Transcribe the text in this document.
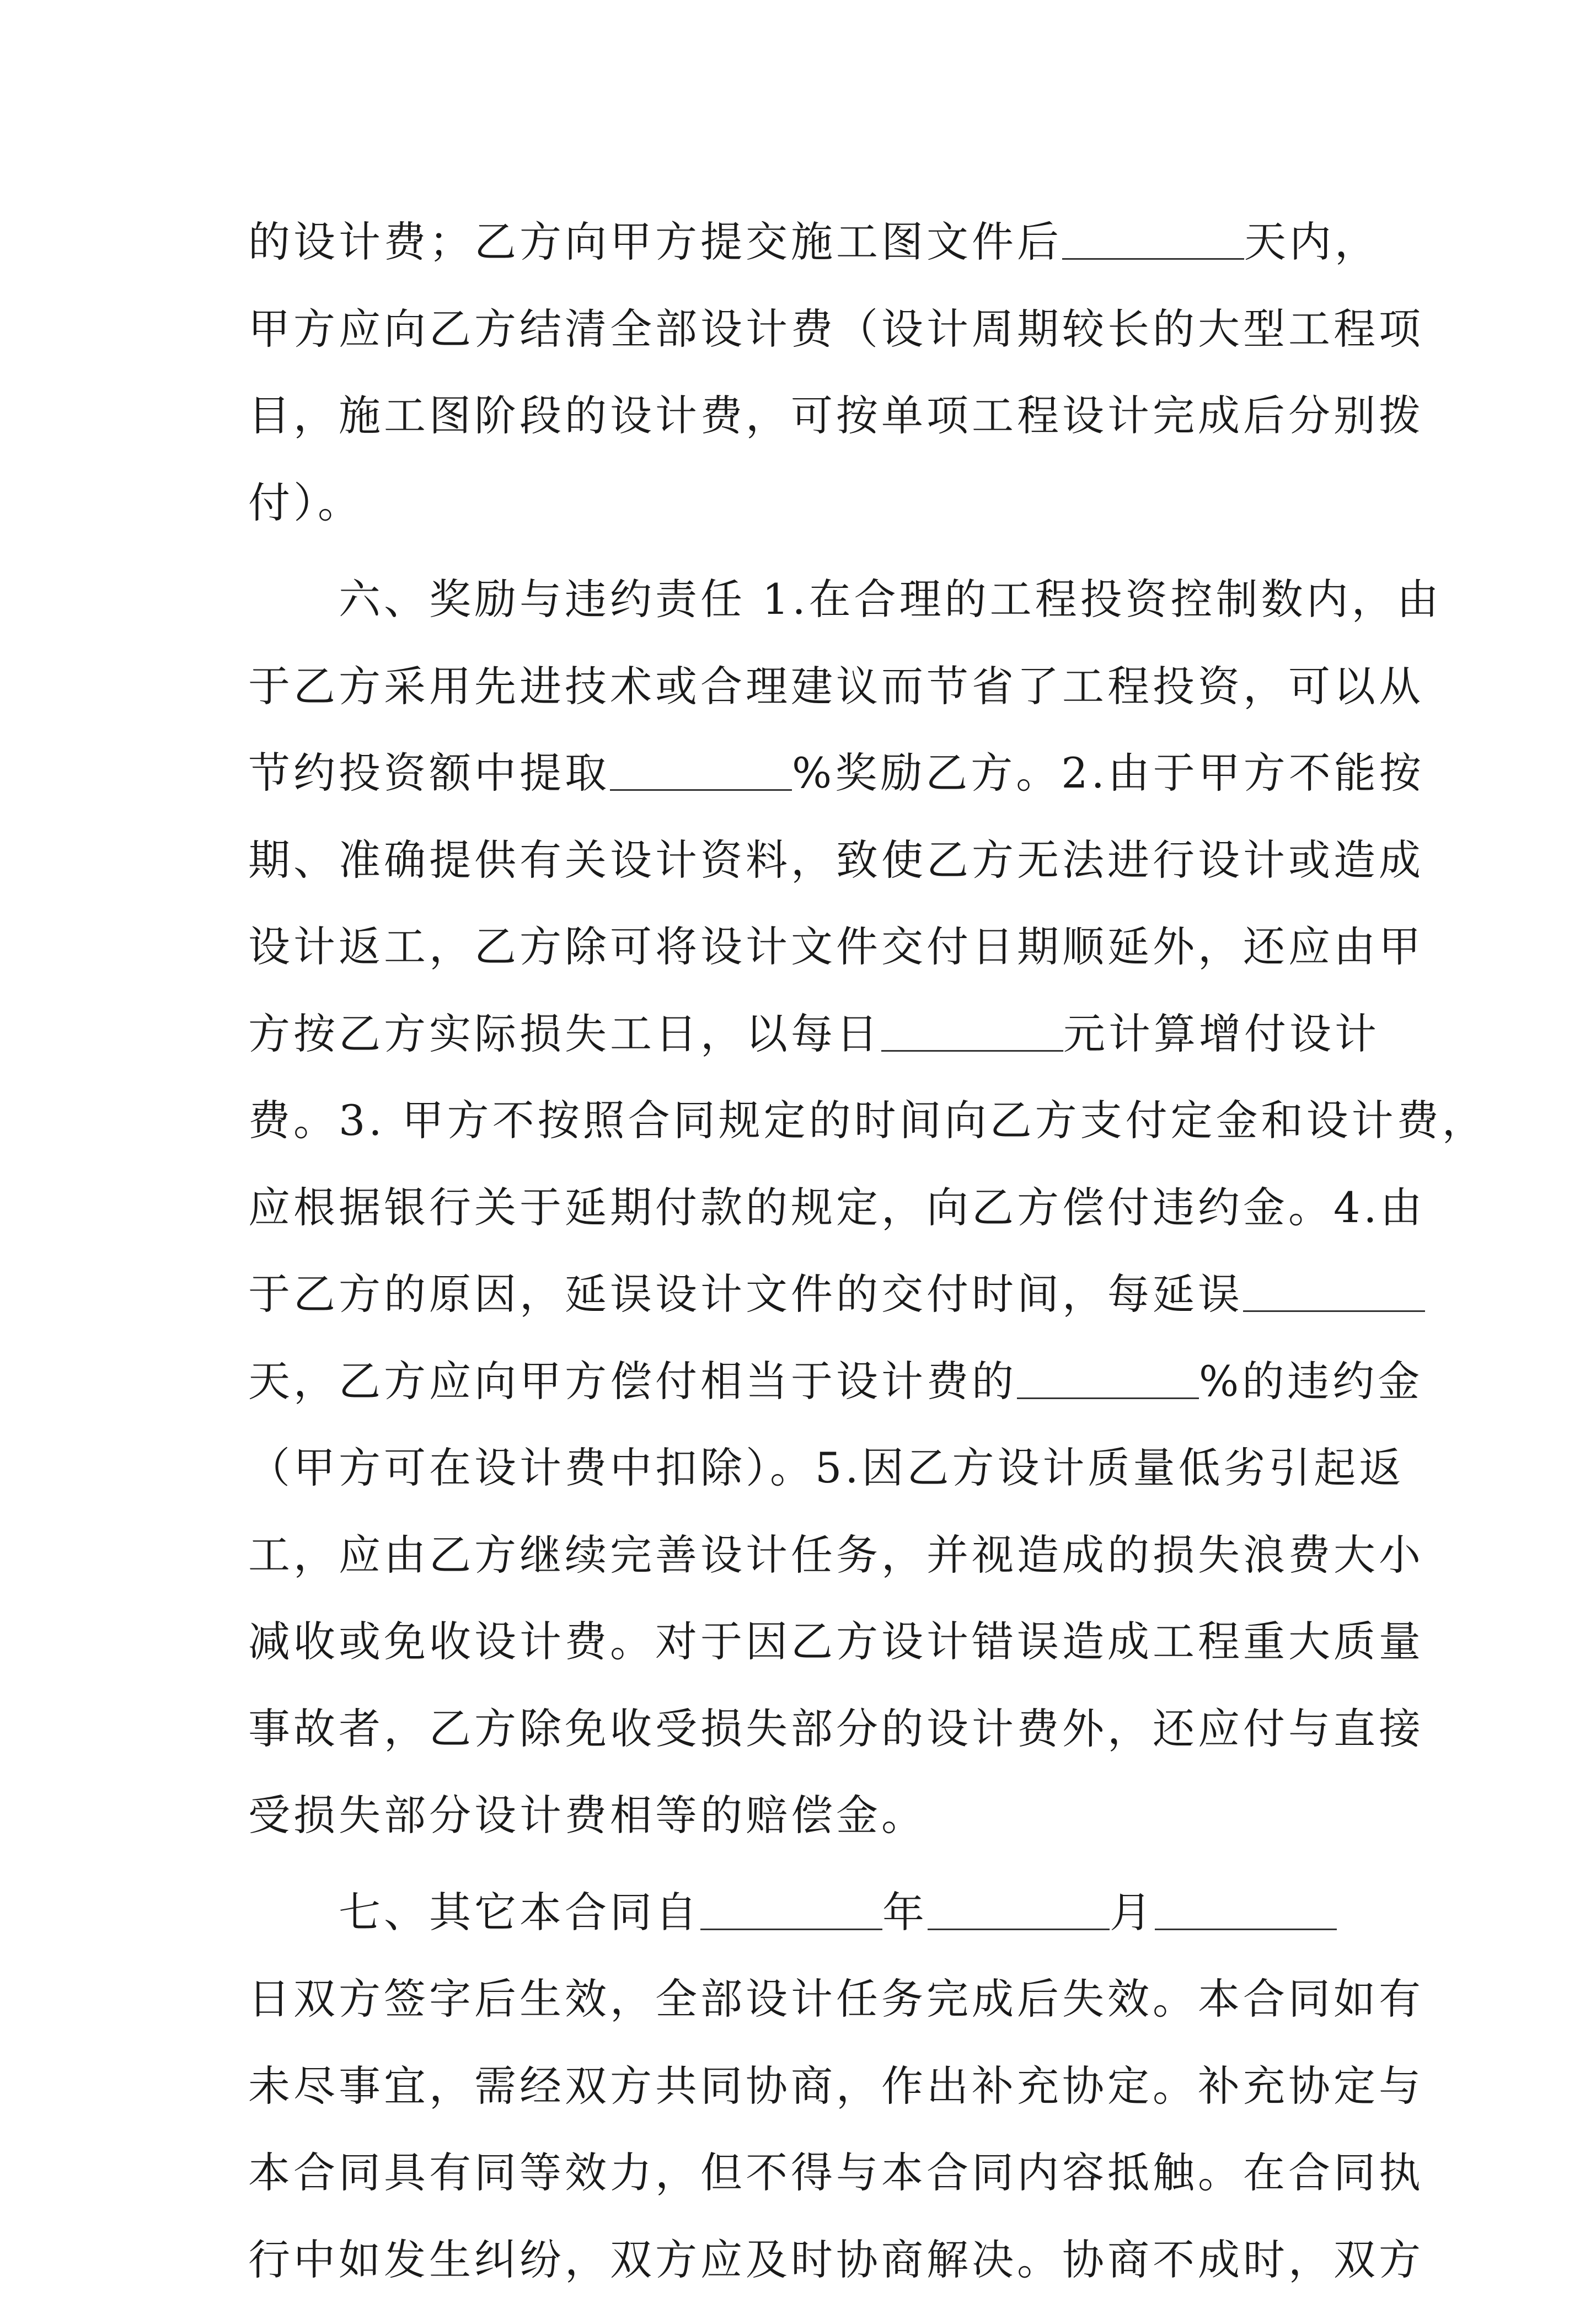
的设计费；乙方向甲方提交施工图文件后	天内，
甲方应向乙方结清全部设计费（设计周期较长的大型工程项
目，施工图阶段的设计费，可按单项工程设计完成后分别拨
付）。
　　六、奖励与违约责任 1.在合理的工程投资控制数内，由
于乙方采用先进技术或合理建议而节省了工程投资，可以从
节约投资额中提取	%奖励乙方。2.由于甲方不能按
期、准确提供有关设计资料，致使乙方无法进行设计或造成
设计返工，乙方除可将设计文件交付日期顺延外，还应由甲
方按乙方实际损失工日，以每日	元计算增付设计
费。3. 甲方不按照合同规定的时间向乙方支付定金和设计费，
应根据银行关于延期付款的规定，向乙方偿付违约金。4.由
于乙方的原因，延误设计文件的交付时间，每延误
天，乙方应向甲方偿付相当于设计费的	%的违约金
（甲方可在设计费中扣除）。5.因乙方设计质量低劣引起返
工，应由乙方继续完善设计任务，并视造成的损失浪费大小
减收或免收设计费。对于因乙方设计错误造成工程重大质量
事故者，乙方除免收受损失部分的设计费外，还应付与直接
受损失部分设计费相等的赔偿金。
　　七、其它本合同自	年	月
日双方签字后生效，全部设计任务完成后失效。本合同如有
未尽事宜，需经双方共同协商，作出补充协定。补充协定与
本合同具有同等效力，但不得与本合同内容抵触。在合同执
行中如发生纠纷，双方应及时协商解决。协商不成时，双方
